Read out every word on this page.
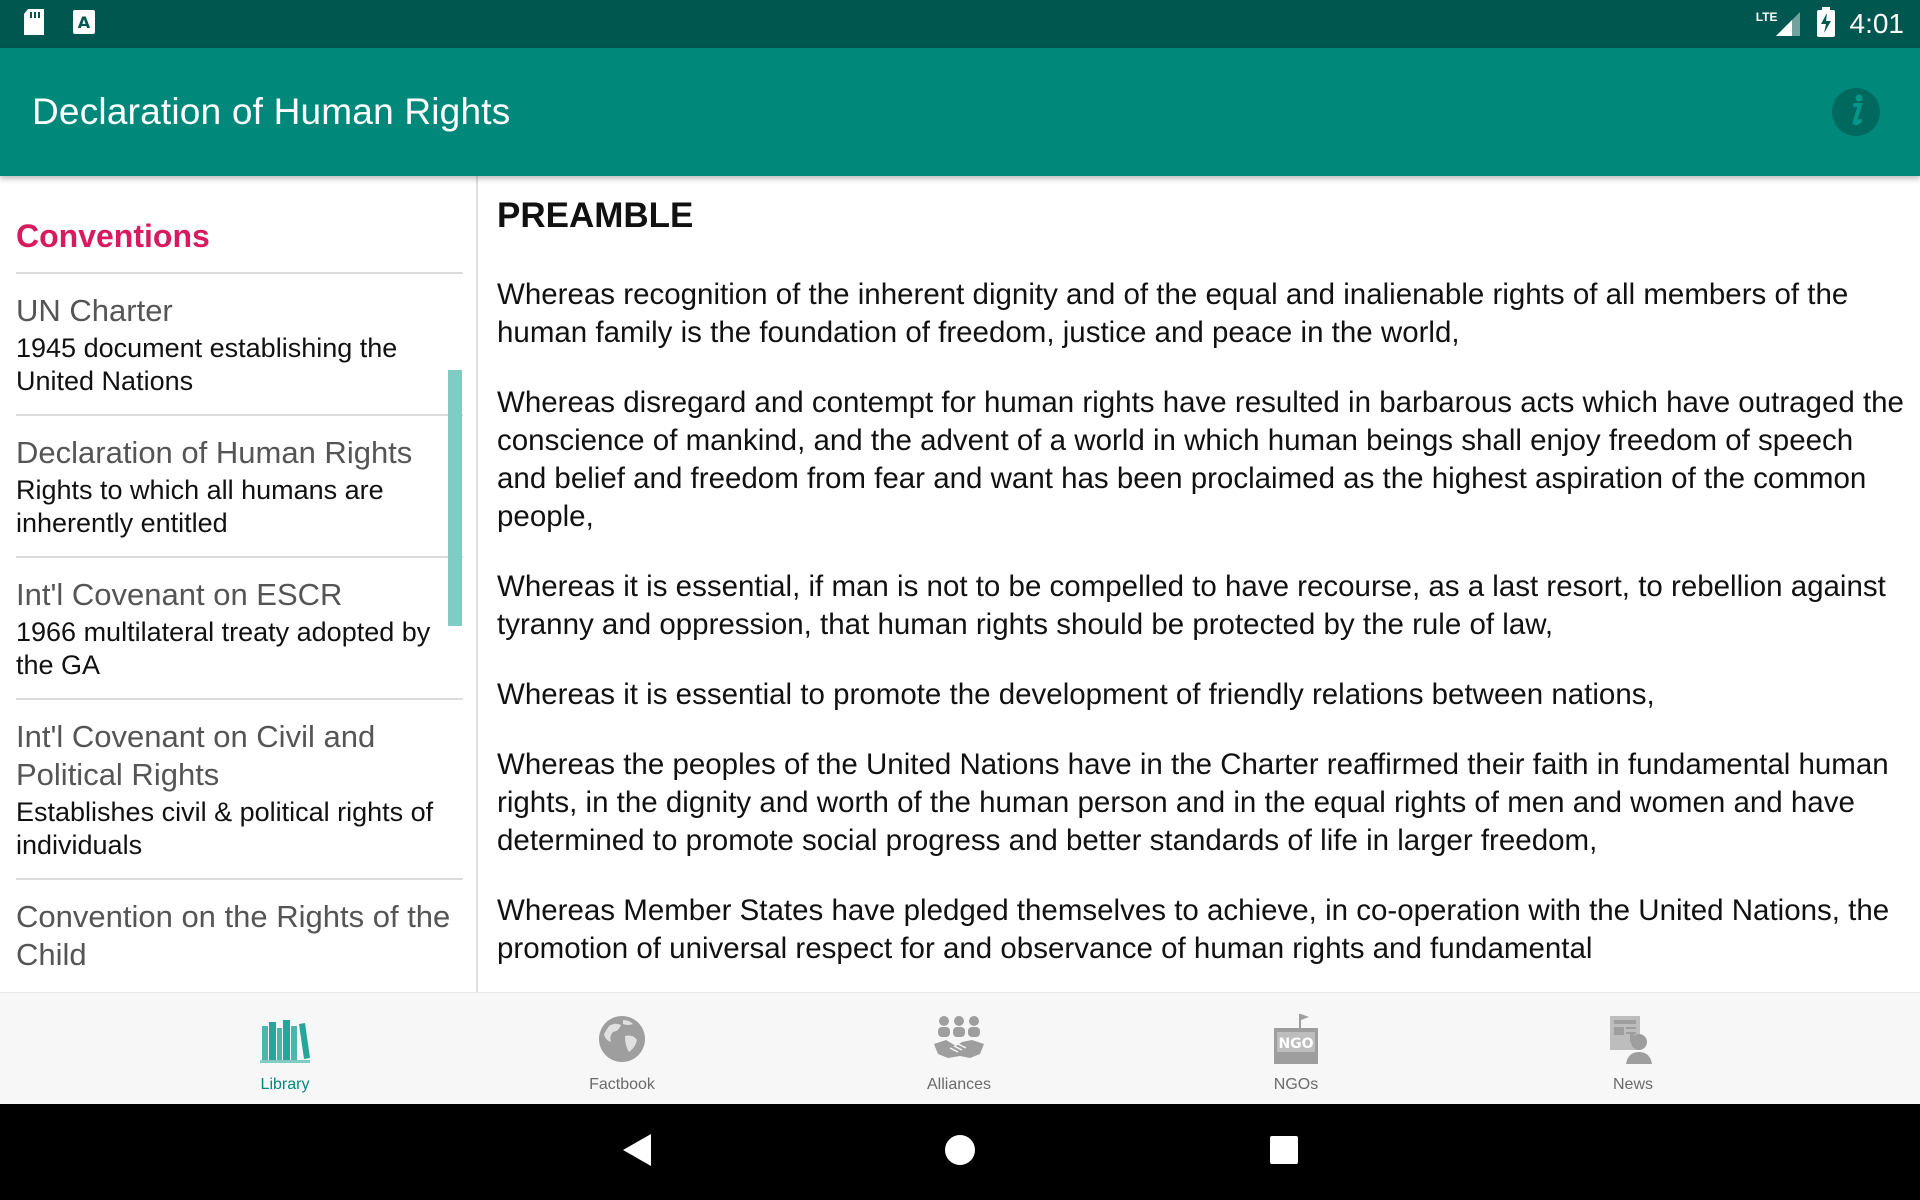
A	LTE	4:01
Declaration of Human Rights
Conventions
UN Charter
1945 document establishing the United Nations
Declaration of Human Rights
Rights to which all humans are inherently entitled
Int'l Covenant on ESCR
1966 multilateral treaty adopted by the GA
Int'l Covenant on Civil and Political Rights
Establishes civil & political rights of individuals
Convention on the Rights of the Child
PREAMBLE

Whereas recognition of the inherent dignity and of the equal and inalienable rights of all members of the human family is the foundation of freedom, justice and peace in the world,

Whereas disregard and contempt for human rights have resulted in barbarous acts which have outraged the conscience of mankind, and the advent of a world in which human beings shall enjoy freedom of speech and belief and freedom from fear and want has been proclaimed as the highest aspiration of the common people,

Whereas it is essential, if man is not to be compelled to have recourse, as a last resort, to rebellion against tyranny and oppression, that human rights should be protected by the rule of law,

Whereas it is essential to promote the development of friendly relations between nations,

Whereas the peoples of the United Nations have in the Charter reaffirmed their faith in fundamental human rights, in the dignity and worth of the human person and in the equal rights of men and women and have determined to promote social progress and better standards of life in larger freedom,

Whereas Member States have pledged themselves to achieve, in co-operation with the United Nations, the promotion of universal respect for and observance of human rights and fundamental

Library	Factbook	Alliances
NGO
NGOs	News
